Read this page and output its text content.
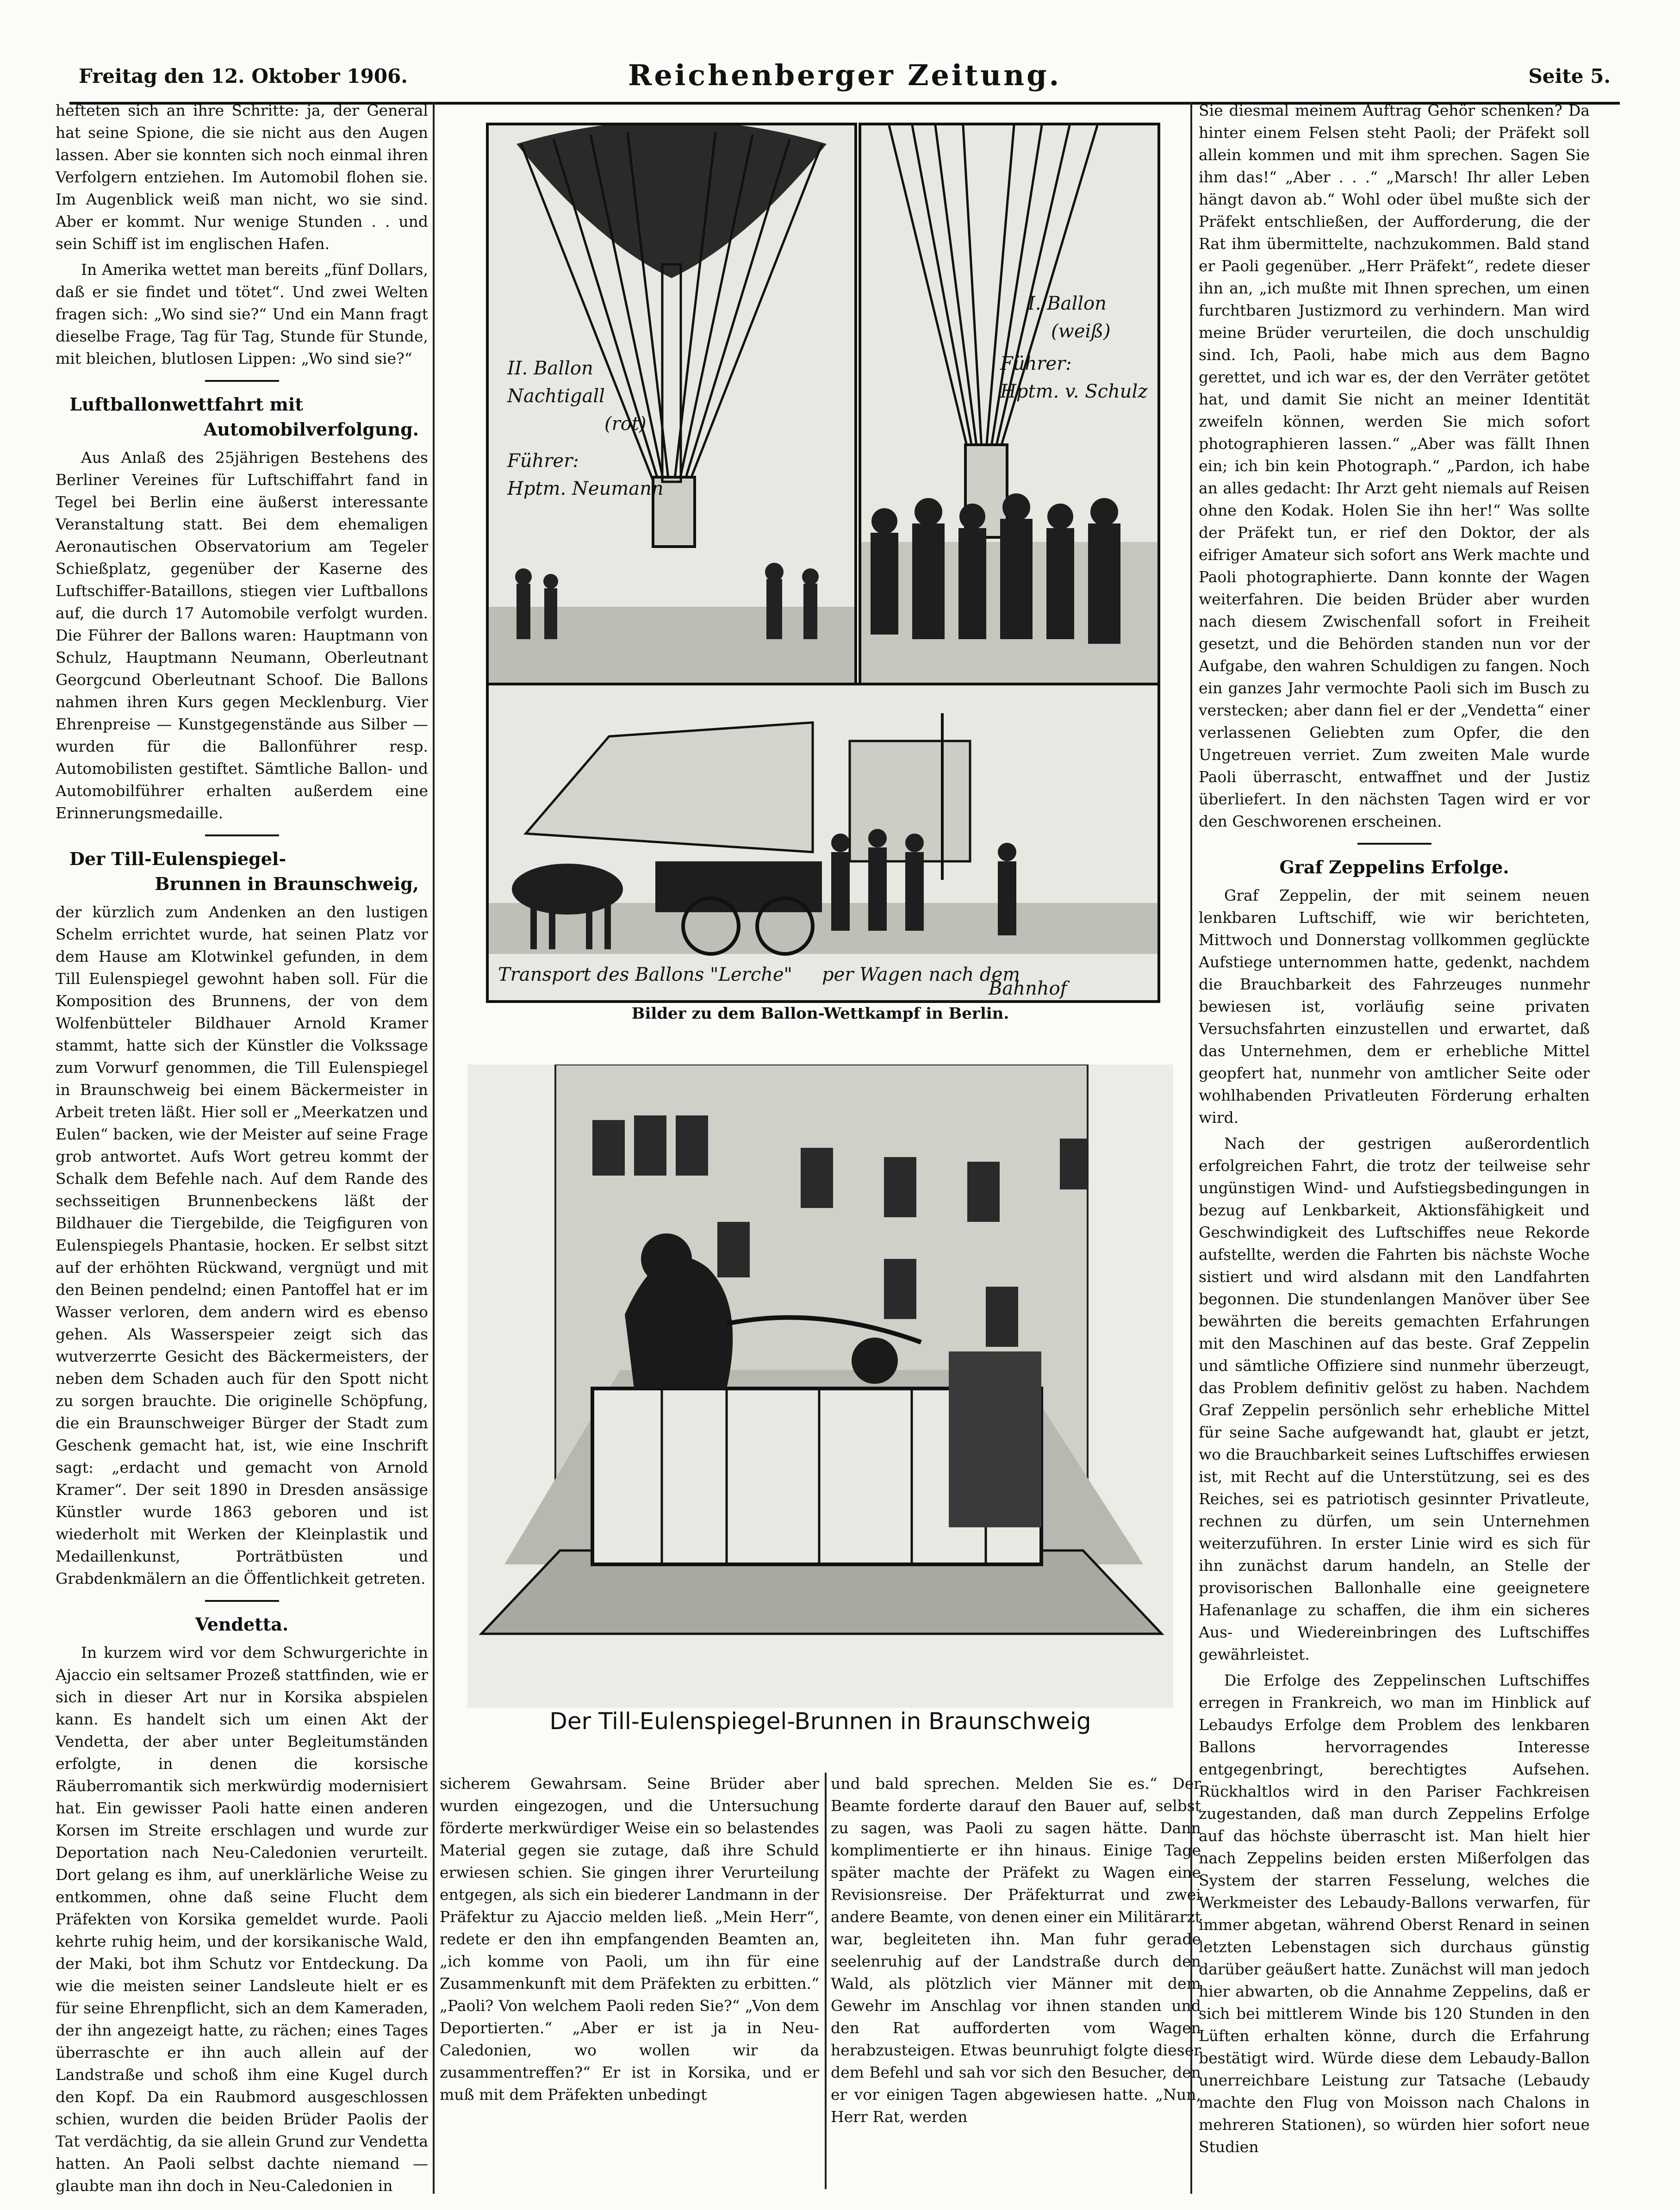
Freitag den 12. Oktober 1906.	Reichenberger Zeitung.	Seite 5.

hefteten sich an ihre Schritte: ja, der General hat seine Spione, die sie nicht aus den Augen lassen. Aber sie konnten sich noch einmal ihren Verfolgern entziehen. Im Automobil flohen sie. Im Augenblick weiß man nicht, wo sie sind. Aber er kommt. Nur wenige Stunden . . und sein Schiff ist im englischen Hafen.

In Amerika wettet man bereits „fünf Dollars, daß er sie findet und tötet“. Und zwei Welten fragen sich: „Wo sind sie?“ Und ein Mann fragt dieselbe Frage, Tag für Tag, Stunde für Stunde, mit bleichen, blutlosen Lippen: „Wo sind sie?“

Luftballonwettfahrt mit
Automobilverfolgung.

Aus Anlaß des 25jährigen Bestehens des Berliner Vereines für Luftschiffahrt fand in Tegel bei Berlin eine äußerst interessante Veranstaltung statt. Bei dem ehemaligen Aeronautischen Observatorium am Tegeler Schießplatz, gegenüber der Kaserne des Luftschiffer-Bataillons, stiegen vier Luftballons auf, die durch 17 Automobile verfolgt wurden. Die Führer der Ballons waren: Hauptmann von Schulz, Hauptmann Neumann, Oberleutnant Georgcund Oberleutnant Schoof. Die Ballons nahmen ihren Kurs gegen Mecklenburg. Vier Ehrenpreise — Kunstgegenstände aus Silber — wurden für die Ballonführer resp. Automobilisten gestiftet. Sämtliche Ballon- und Automobilführer erhalten außerdem eine Erinnerungsmedaille.

Der Till-Eulenspiegel-
Brunnen in Braunschweig,

der kürzlich zum Andenken an den lustigen Schelm errichtet wurde, hat seinen Platz vor dem Hause am Klotwinkel gefunden, in dem Till Eulenspiegel gewohnt haben soll. Für die Komposition des Brunnens, der von dem Wolfenbütteler Bildhauer Arnold Kramer stammt, hatte sich der Künstler die Volkssage zum Vorwurf genommen, die Till Eulenspiegel in Braunschweig bei einem Bäckermeister in Arbeit treten läßt. Hier soll er „Meerkatzen und Eulen“ backen, wie der Meister auf seine Frage grob antwortet. Aufs Wort getreu kommt der Schalk dem Befehle nach. Auf dem Rande des sechsseitigen Brunnenbeckens läßt der Bildhauer die Tiergebilde, die Teigfiguren von Eulenspiegels Phantasie, hocken. Er selbst sitzt auf der erhöhten Rückwand, vergnügt und mit den Beinen pendelnd; einen Pantoffel hat er im Wasser verloren, dem andern wird es ebenso gehen. Als Wasserspeier zeigt sich das wutverzerrte Gesicht des Bäckermeisters, der neben dem Schaden auch für den Spott nicht zu sorgen brauchte. Die originelle Schöpfung, die ein Braunschweiger Bürger der Stadt zum Geschenk gemacht hat, ist, wie eine Inschrift sagt: „erdacht und gemacht von Arnold Kramer“. Der seit 1890 in Dresden ansässige Künstler wurde 1863 geboren und ist wiederholt mit Werken der Kleinplastik und Medaillenkunst, Porträtbüsten und Grabdenkmälern an die Öffentlichkeit getreten.

Vendetta.

In kurzem wird vor dem Schwurgerichte in Ajaccio ein seltsamer Prozeß stattfinden, wie er sich in dieser Art nur in Korsika abspielen kann. Es handelt sich um einen Akt der Vendetta, der aber unter Begleitumständen erfolgte, in denen die korsische Räuberromantik sich merkwürdig modernisiert hat. Ein gewisser Paoli hatte einen anderen Korsen im Streite erschlagen und wurde zur Deportation nach Neu-Caledonien verurteilt. Dort gelang es ihm, auf unerklärliche Weise zu entkommen, ohne daß seine Flucht dem Präfekten von Korsika gemeldet wurde. Paoli kehrte ruhig heim, und der korsikanische Wald, der Maki, bot ihm Schutz vor Entdeckung. Da wie die meisten seiner Landsleute hielt er es für seine Ehrenpflicht, sich an dem Kameraden, der ihn angezeigt hatte, zu rächen; eines Tages überraschte er ihn auch allein auf der Landstraße und schoß ihm eine Kugel durch den Kopf. Da ein Raubmord ausgeschlossen schien, wurden die beiden Brüder Paolis der Tat verdächtig, da sie allein Grund zur Vendetta hatten. An Paoli selbst dachte niemand — glaubte man ihn doch in Neu-Caledonien in

II. Ballon
Nachtigall
(rot)
Führer:
Hptm. Neumann
I. Ballon
(weiß)
Führer:
Hptm. v. Schulz
Transport des Ballons "Lerche" per Wagen nach dem
Bahnhof
Bilder zu dem Ballon-Wettkampf in Berlin.
Der Till-Eulenspiegel-Brunnen in Braunschweig

sicherem Gewahrsam. Seine Brüder aber wurden eingezogen, und die Untersuchung förderte merkwürdiger Weise ein so belastendes Material gegen sie zutage, daß ihre Schuld erwiesen schien. Sie gingen ihrer Verurteilung entgegen, als sich ein biederer Landmann in der Präfektur zu Ajaccio melden ließ. „Mein Herr“, redete er den ihn empfangenden Beamten an, „ich komme von Paoli, um ihn für eine Zusammenkunft mit dem Präfekten zu erbitten.“ „Paoli? Von welchem Paoli reden Sie?“ „Von dem Deportierten.“ „Aber er ist ja in Neu-Caledonien, wo wollen wir da zusammentreffen?“ Er ist in Korsika, und er muß mit dem Präfekten unbedingt

und bald sprechen. Melden Sie es.“ Der Beamte forderte darauf den Bauer auf, selbst zu sagen, was Paoli zu sagen hätte. Dann komplimentierte er ihn hinaus. Einige Tage später machte der Präfekt zu Wagen eine Revisionsreise. Der Präfekturrat und zwei andere Beamte, von denen einer ein Militärarzt war, begleiteten ihn. Man fuhr gerade seelenruhig auf der Landstraße durch den Wald, als plötzlich vier Männer mit dem Gewehr im Anschlag vor ihnen standen und den Rat aufforderten vom Wagen herabzusteigen. Etwas beunruhigt folgte dieser dem Befehl und sah vor sich den Besucher, den er vor einigen Tagen abgewiesen hatte. „Nun, Herr Rat, werden

Sie diesmal meinem Auftrag Gehör schenken? Da hinter einem Felsen steht Paoli; der Präfekt soll allein kommen und mit ihm sprechen. Sagen Sie ihm das!“ „Aber . . .“ „Marsch! Ihr aller Leben hängt davon ab.“ Wohl oder übel mußte sich der Präfekt entschließen, der Aufforderung, die der Rat ihm übermittelte, nachzukommen. Bald stand er Paoli gegenüber. „Herr Präfekt“, redete dieser ihn an, „ich mußte mit Ihnen sprechen, um einen furchtbaren Justizmord zu verhindern. Man wird meine Brüder verurteilen, die doch unschuldig sind. Ich, Paoli, habe mich aus dem Bagno gerettet, und ich war es, der den Verräter getötet hat, und damit Sie nicht an meiner Identität zweifeln können, werden Sie mich sofort photographieren lassen.“ „Aber was fällt Ihnen ein; ich bin kein Photograph.“ „Pardon, ich habe an alles gedacht: Ihr Arzt geht niemals auf Reisen ohne den Kodak. Holen Sie ihn her!“ Was sollte der Präfekt tun, er rief den Doktor, der als eifriger Amateur sich sofort ans Werk machte und Paoli photographierte. Dann konnte der Wagen weiterfahren. Die beiden Brüder aber wurden nach diesem Zwischenfall sofort in Freiheit gesetzt, und die Behörden standen nun vor der Aufgabe, den wahren Schuldigen zu fangen. Noch ein ganzes Jahr vermochte Paoli sich im Busch zu verstecken; aber dann fiel er der „Vendetta“ einer verlassenen Geliebten zum Opfer, die den Ungetreuen verriet. Zum zweiten Male wurde Paoli überrascht, entwaffnet und der Justiz überliefert. In den nächsten Tagen wird er vor den Geschworenen erscheinen.

Graf Zeppelins Erfolge.

Graf Zeppelin, der mit seinem neuen lenkbaren Luftschiff, wie wir berichteten, Mittwoch und Donnerstag vollkommen geglückte Aufstiege unternommen hatte, gedenkt, nachdem die Brauchbarkeit des Fahrzeuges nunmehr bewiesen ist, vorläufig seine privaten Versuchsfahrten einzustellen und erwartet, daß das Unternehmen, dem er erhebliche Mittel geopfert hat, nunmehr von amtlicher Seite oder wohlhabenden Privatleuten Förderung erhalten wird.

Nach der gestrigen außerordentlich erfolgreichen Fahrt, die trotz der teilweise sehr ungünstigen Wind- und Aufstiegsbedingungen in bezug auf Lenkbarkeit, Aktionsfähigkeit und Geschwindigkeit des Luftschiffes neue Rekorde aufstellte, werden die Fahrten bis nächste Woche sistiert und wird alsdann mit den Landfahrten begonnen. Die stundenlangen Manöver über See bewährten die bereits gemachten Erfahrungen mit den Maschinen auf das beste. Graf Zeppelin und sämtliche Offiziere sind nunmehr überzeugt, das Problem definitiv gelöst zu haben. Nachdem Graf Zeppelin persönlich sehr erhebliche Mittel für seine Sache aufgewandt hat, glaubt er jetzt, wo die Brauchbarkeit seines Luftschiffes erwiesen ist, mit Recht auf die Unterstützung, sei es des Reiches, sei es patriotisch gesinnter Privatleute, rechnen zu dürfen, um sein Unternehmen weiterzuführen. In erster Linie wird es sich für ihn zunächst darum handeln, an Stelle der provisorischen Ballonhalle eine geeignetere Hafenanlage zu schaffen, die ihm ein sicheres Aus- und Wiedereinbringen des Luftschiffes gewährleistet.

Die Erfolge des Zeppelinschen Luftschiffes erregen in Frankreich, wo man im Hinblick auf Lebaudys Erfolge dem Problem des lenkbaren Ballons hervorragendes Interesse entgegenbringt, berechtigtes Aufsehen. Rückhaltlos wird in den Pariser Fachkreisen zugestanden, daß man durch Zeppelins Erfolge auf das höchste überrascht ist. Man hielt hier nach Zeppelins beiden ersten Mißerfolgen das System der starren Fesselung, welches die Werkmeister des Lebaudy-Ballons verwarfen, für immer abgetan, während Oberst Renard in seinen letzten Lebenstagen sich durchaus günstig darüber geäußert hatte. Zunächst will man jedoch hier abwarten, ob die Annahme Zeppelins, daß er sich bei mittlerem Winde bis 120 Stunden in den Lüften erhalten könne, durch die Erfahrung bestätigt wird. Würde diese dem Lebaudy-Ballon unerreichbare Leistung zur Tatsache (Lebaudy machte den Flug von Moisson nach Chalons in mehreren Stationen), so würden hier sofort neue Studien
